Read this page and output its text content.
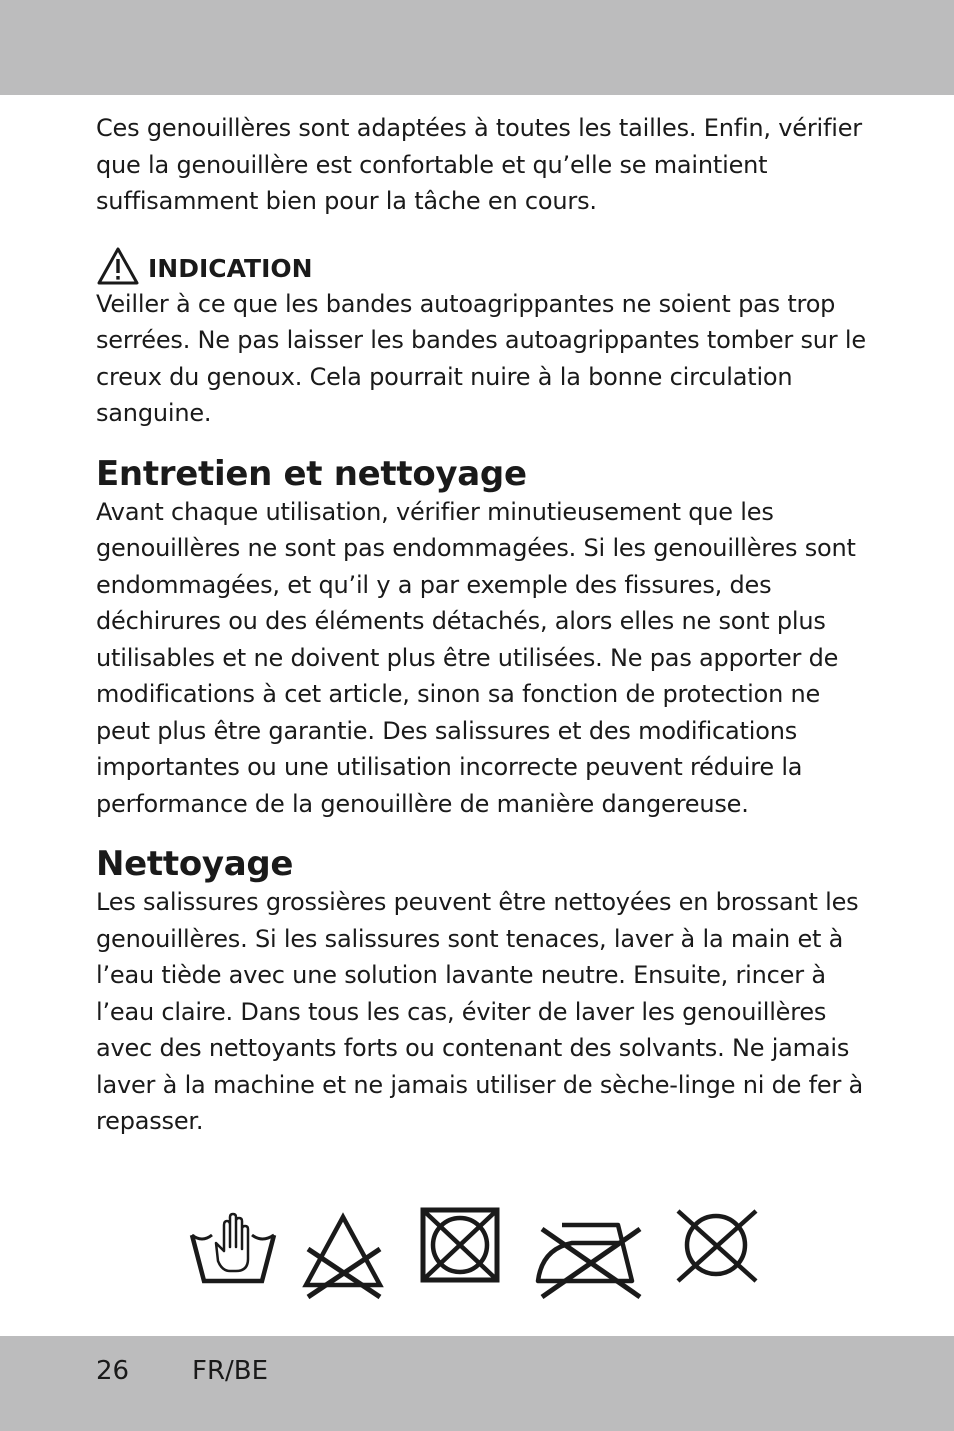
Ces genouillères sont adaptées à toutes les tailles. Enfin, vérifier que la genouillère est confortable et qu’elle se maintient suffisamment bien pour la tâche en cours.

INDICATION

Veiller à ce que les bandes autoagrippantes ne soient pas trop serrées. Ne pas laisser les bandes autoagrippantes tomber sur le creux du genoux. Cela pourrait nuire à la bonne circulation sanguine.

Entretien et nettoyage

Avant chaque utilisation, vérifier minutieusement que les genouillères ne sont pas endommagées. Si les genouillères sont endommagées, et qu’il y a par exemple des fissures, des déchirures ou des éléments détachés, alors elles ne sont plus utilisables et ne doivent plus être utilisées. Ne pas apporter de modifications à cet article, sinon sa fonction de protection ne peut plus être garantie. Des salissures et des modifications importantes ou une utilisation incorrecte peuvent réduire la performance de la genouillère de manière dangereuse.

Nettoyage

Les salissures grossières peuvent être nettoyées en brossant les genouillères. Si les salissures sont tenaces, laver à la main et à l’eau tiède avec une solution lavante neutre. Ensuite, rincer à l’eau claire. Dans tous les cas, éviter de laver les genouillères avec des nettoyants forts ou contenant des solvants. Ne jamais laver à la machine et ne jamais utiliser de sèche-linge ni de fer à repasser.

26 FR/BE
